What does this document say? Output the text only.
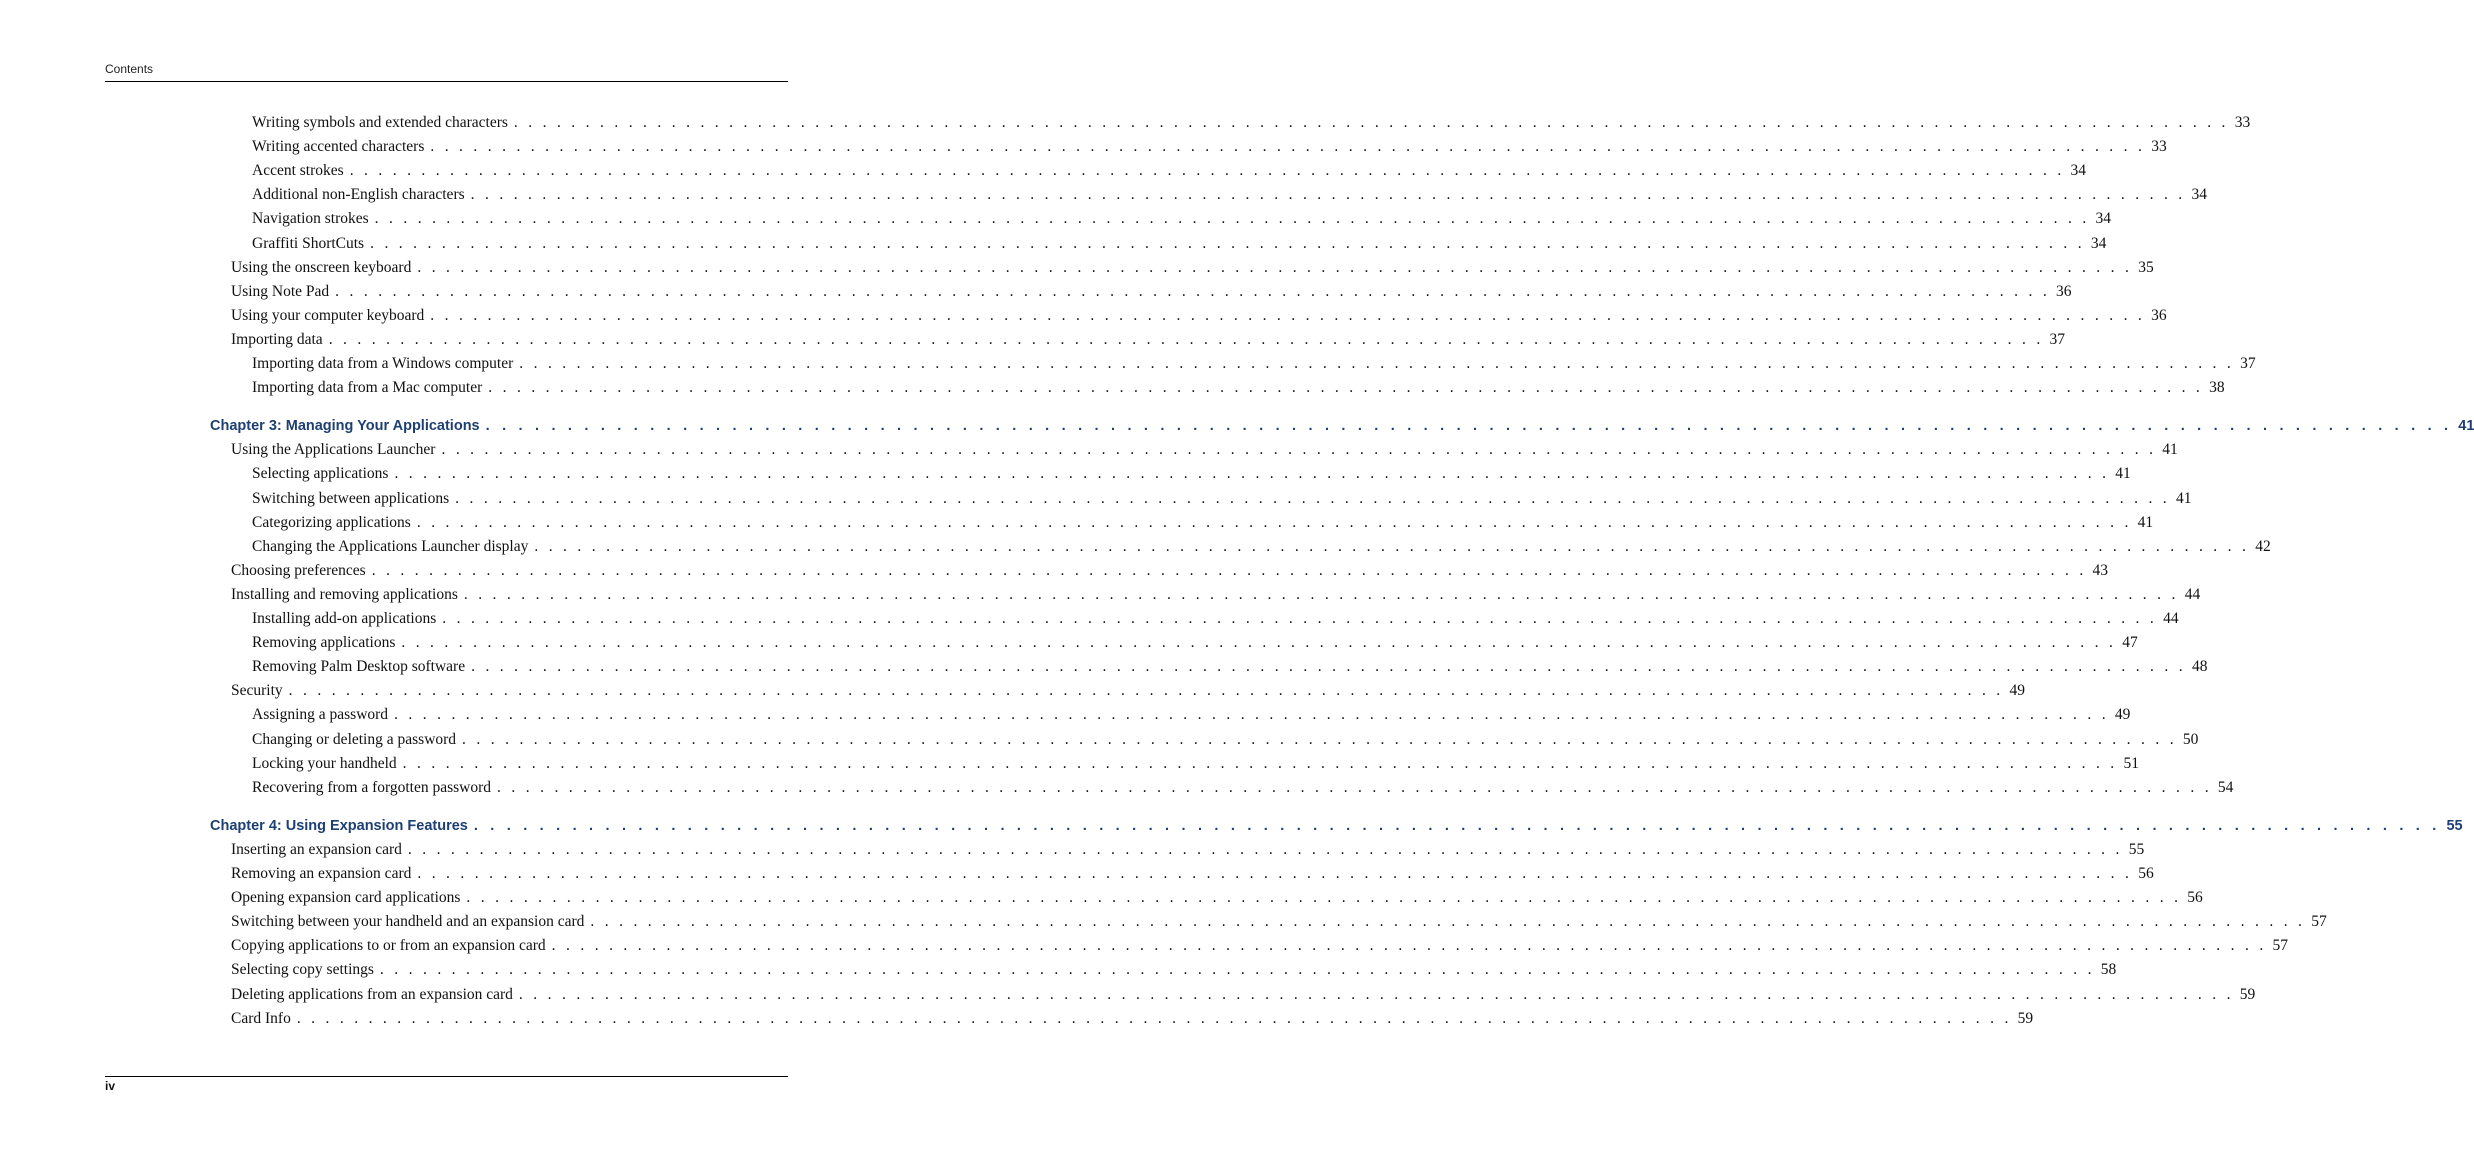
Contents
Writing symbols and extended characters . . . . . . . . . . . . . . . . . . . . . . . . . . . . . . . . . . . . . . . . . . . . . . . . . . . . . . . . . . . . . . . . . . . . . . . . . . . . . . . . . . . . . . . . . . . . . . . . . . . . . . . . . . . . . . . . . . . . . . . . 33
Writing accented characters . . . . . . . . . . . . . . . . . . . . . . . . . . . . . . . . . . . . . . . . . . . . . . . . . . . . . . . . . . . . . . . . . . . . . . . . . . . . . . . . . . . . . . . . . . . . . . . . . . . . . . . . . . . . . . . . . . . . . . . . 33
Accent strokes . . . . . . . . . . . . . . . . . . . . . . . . . . . . . . . . . . . . . . . . . . . . . . . . . . . . . . . . . . . . . . . . . . . . . . . . . . . . . . . . . . . . . . . . . . . . . . . . . . . . . . . . . . . . . . . . . . . . . . . . 34
Additional non-English characters . . . . . . . . . . . . . . . . . . . . . . . . . . . . . . . . . . . . . . . . . . . . . . . . . . . . . . . . . . . . . . . . . . . . . . . . . . . . . . . . . . . . . . . . . . . . . . . . . . . . . . . . . . . . . . . . . . . . . . . . 34
Navigation strokes . . . . . . . . . . . . . . . . . . . . . . . . . . . . . . . . . . . . . . . . . . . . . . . . . . . . . . . . . . . . . . . . . . . . . . . . . . . . . . . . . . . . . . . . . . . . . . . . . . . . . . . . . . . . . . . . . . . . . . . . 34
Graffiti ShortCuts . . . . . . . . . . . . . . . . . . . . . . . . . . . . . . . . . . . . . . . . . . . . . . . . . . . . . . . . . . . . . . . . . . . . . . . . . . . . . . . . . . . . . . . . . . . . . . . . . . . . . . . . . . . . . . . . . . . . . . . . 34
Using the onscreen keyboard . . . . . . . . . . . . . . . . . . . . . . . . . . . . . . . . . . . . . . . . . . . . . . . . . . . . . . . . . . . . . . . . . . . . . . . . . . . . . . . . . . . . . . . . . . . . . . . . . . . . . . . . . . . . . . . . . . . . . . . . 35
Using Note Pad . . . . . . . . . . . . . . . . . . . . . . . . . . . . . . . . . . . . . . . . . . . . . . . . . . . . . . . . . . . . . . . . . . . . . . . . . . . . . . . . . . . . . . . . . . . . . . . . . . . . . . . . . . . . . . . . . . . . . . . . 36
Using your computer keyboard . . . . . . . . . . . . . . . . . . . . . . . . . . . . . . . . . . . . . . . . . . . . . . . . . . . . . . . . . . . . . . . . . . . . . . . . . . . . . . . . . . . . . . . . . . . . . . . . . . . . . . . . . . . . . . . . . . . . . . . . 36
Importing data . . . . . . . . . . . . . . . . . . . . . . . . . . . . . . . . . . . . . . . . . . . . . . . . . . . . . . . . . . . . . . . . . . . . . . . . . . . . . . . . . . . . . . . . . . . . . . . . . . . . . . . . . . . . . . . . . . . . . . . . 37
Importing data from a Windows computer . . . . . . . . . . . . . . . . . . . . . . . . . . . . . . . . . . . . . . . . . . . . . . . . . . . . . . . . . . . . . . . . . . . . . . . . . . . . . . . . . . . . . . . . . . . . . . . . . . . . . . . . . . . . . . . . . . . . . . . . 37
Importing data from a Mac computer . . . . . . . . . . . . . . . . . . . . . . . . . . . . . . . . . . . . . . . . . . . . . . . . . . . . . . . . . . . . . . . . . . . . . . . . . . . . . . . . . . . . . . . . . . . . . . . . . . . . . . . . . . . . . . . . . . . . . . . . 38
Chapter 3: Managing Your Applications . . . . . . . . . . . . . . . . . . . . . . . . . . . . . . . . . . . . . . . . . . . . . . . . . . . . . . . . . . . . . . . . . . . . . . . . . . . . . . . . . . . . . . . . . . . . . . . . . . . . . . . . . . . . . . . . . . . . . . . . 41
Using the Applications Launcher . . . . . . . . . . . . . . . . . . . . . . . . . . . . . . . . . . . . . . . . . . . . . . . . . . . . . . . . . . . . . . . . . . . . . . . . . . . . . . . . . . . . . . . . . . . . . . . . . . . . . . . . . . . . . . . . . . . . . . . . 41
Selecting applications . . . . . . . . . . . . . . . . . . . . . . . . . . . . . . . . . . . . . . . . . . . . . . . . . . . . . . . . . . . . . . . . . . . . . . . . . . . . . . . . . . . . . . . . . . . . . . . . . . . . . . . . . . . . . . . . . . . . . . . . 41
Switching between applications . . . . . . . . . . . . . . . . . . . . . . . . . . . . . . . . . . . . . . . . . . . . . . . . . . . . . . . . . . . . . . . . . . . . . . . . . . . . . . . . . . . . . . . . . . . . . . . . . . . . . . . . . . . . . . . . . . . . . . . . 41
Categorizing applications . . . . . . . . . . . . . . . . . . . . . . . . . . . . . . . . . . . . . . . . . . . . . . . . . . . . . . . . . . . . . . . . . . . . . . . . . . . . . . . . . . . . . . . . . . . . . . . . . . . . . . . . . . . . . . . . . . . . . . . . 41
Changing the Applications Launcher display . . . . . . . . . . . . . . . . . . . . . . . . . . . . . . . . . . . . . . . . . . . . . . . . . . . . . . . . . . . . . . . . . . . . . . . . . . . . . . . . . . . . . . . . . . . . . . . . . . . . . . . . . . . . . . . . . . . . . . . . 42
Choosing preferences . . . . . . . . . . . . . . . . . . . . . . . . . . . . . . . . . . . . . . . . . . . . . . . . . . . . . . . . . . . . . . . . . . . . . . . . . . . . . . . . . . . . . . . . . . . . . . . . . . . . . . . . . . . . . . . . . . . . . . . . 43
Installing and removing applications . . . . . . . . . . . . . . . . . . . . . . . . . . . . . . . . . . . . . . . . . . . . . . . . . . . . . . . . . . . . . . . . . . . . . . . . . . . . . . . . . . . . . . . . . . . . . . . . . . . . . . . . . . . . . . . . . . . . . . . . 44
Installing add-on applications . . . . . . . . . . . . . . . . . . . . . . . . . . . . . . . . . . . . . . . . . . . . . . . . . . . . . . . . . . . . . . . . . . . . . . . . . . . . . . . . . . . . . . . . . . . . . . . . . . . . . . . . . . . . . . . . . . . . . . . . 44
Removing applications . . . . . . . . . . . . . . . . . . . . . . . . . . . . . . . . . . . . . . . . . . . . . . . . . . . . . . . . . . . . . . . . . . . . . . . . . . . . . . . . . . . . . . . . . . . . . . . . . . . . . . . . . . . . . . . . . . . . . . . . 47
Removing Palm Desktop software . . . . . . . . . . . . . . . . . . . . . . . . . . . . . . . . . . . . . . . . . . . . . . . . . . . . . . . . . . . . . . . . . . . . . . . . . . . . . . . . . . . . . . . . . . . . . . . . . . . . . . . . . . . . . . . . . . . . . . . . 48
Security . . . . . . . . . . . . . . . . . . . . . . . . . . . . . . . . . . . . . . . . . . . . . . . . . . . . . . . . . . . . . . . . . . . . . . . . . . . . . . . . . . . . . . . . . . . . . . . . . . . . . . . . . . . . . . . . . . . . . . . . 49
Assigning a password . . . . . . . . . . . . . . . . . . . . . . . . . . . . . . . . . . . . . . . . . . . . . . . . . . . . . . . . . . . . . . . . . . . . . . . . . . . . . . . . . . . . . . . . . . . . . . . . . . . . . . . . . . . . . . . . . . . . . . . . 49
Changing or deleting a password . . . . . . . . . . . . . . . . . . . . . . . . . . . . . . . . . . . . . . . . . . . . . . . . . . . . . . . . . . . . . . . . . . . . . . . . . . . . . . . . . . . . . . . . . . . . . . . . . . . . . . . . . . . . . . . . . . . . . . . . 50
Locking your handheld . . . . . . . . . . . . . . . . . . . . . . . . . . . . . . . . . . . . . . . . . . . . . . . . . . . . . . . . . . . . . . . . . . . . . . . . . . . . . . . . . . . . . . . . . . . . . . . . . . . . . . . . . . . . . . . . . . . . . . . . 51
Recovering from a forgotten password . . . . . . . . . . . . . . . . . . . . . . . . . . . . . . . . . . . . . . . . . . . . . . . . . . . . . . . . . . . . . . . . . . . . . . . . . . . . . . . . . . . . . . . . . . . . . . . . . . . . . . . . . . . . . . . . . . . . . . . . 54
Chapter 4: Using Expansion Features . . . . . . . . . . . . . . . . . . . . . . . . . . . . . . . . . . . . . . . . . . . . . . . . . . . . . . . . . . . . . . . . . . . . . . . . . . . . . . . . . . . . . . . . . . . . . . . . . . . . . . . . . . . . . . . . . . . . . . . . 55
Inserting an expansion card . . . . . . . . . . . . . . . . . . . . . . . . . . . . . . . . . . . . . . . . . . . . . . . . . . . . . . . . . . . . . . . . . . . . . . . . . . . . . . . . . . . . . . . . . . . . . . . . . . . . . . . . . . . . . . . . . . . . . . . . 55
Removing an expansion card . . . . . . . . . . . . . . . . . . . . . . . . . . . . . . . . . . . . . . . . . . . . . . . . . . . . . . . . . . . . . . . . . . . . . . . . . . . . . . . . . . . . . . . . . . . . . . . . . . . . . . . . . . . . . . . . . . . . . . . . 56
Opening expansion card applications . . . . . . . . . . . . . . . . . . . . . . . . . . . . . . . . . . . . . . . . . . . . . . . . . . . . . . . . . . . . . . . . . . . . . . . . . . . . . . . . . . . . . . . . . . . . . . . . . . . . . . . . . . . . . . . . . . . . . . . . 56
Switching between your handheld and an expansion card . . . . . . . . . . . . . . . . . . . . . . . . . . . . . . . . . . . . . . . . . . . . . . . . . . . . . . . . . . . . . . . . . . . . . . . . . . . . . . . . . . . . . . . . . . . . . . . . . . . . . . . . . . . . . . . . . . . . . . . . 57
Copying applications to or from an expansion card . . . . . . . . . . . . . . . . . . . . . . . . . . . . . . . . . . . . . . . . . . . . . . . . . . . . . . . . . . . . . . . . . . . . . . . . . . . . . . . . . . . . . . . . . . . . . . . . . . . . . . . . . . . . . . . . . . . . . . . . 57
Selecting copy settings . . . . . . . . . . . . . . . . . . . . . . . . . . . . . . . . . . . . . . . . . . . . . . . . . . . . . . . . . . . . . . . . . . . . . . . . . . . . . . . . . . . . . . . . . . . . . . . . . . . . . . . . . . . . . . . . . . . . . . . . 58
Deleting applications from an expansion card . . . . . . . . . . . . . . . . . . . . . . . . . . . . . . . . . . . . . . . . . . . . . . . . . . . . . . . . . . . . . . . . . . . . . . . . . . . . . . . . . . . . . . . . . . . . . . . . . . . . . . . . . . . . . . . . . . . . . . . . 59
Card Info . . . . . . . . . . . . . . . . . . . . . . . . . . . . . . . . . . . . . . . . . . . . . . . . . . . . . . . . . . . . . . . . . . . . . . . . . . . . . . . . . . . . . . . . . . . . . . . . . . . . . . . . . . . . . . . . . . . . . . . . 59
iv
